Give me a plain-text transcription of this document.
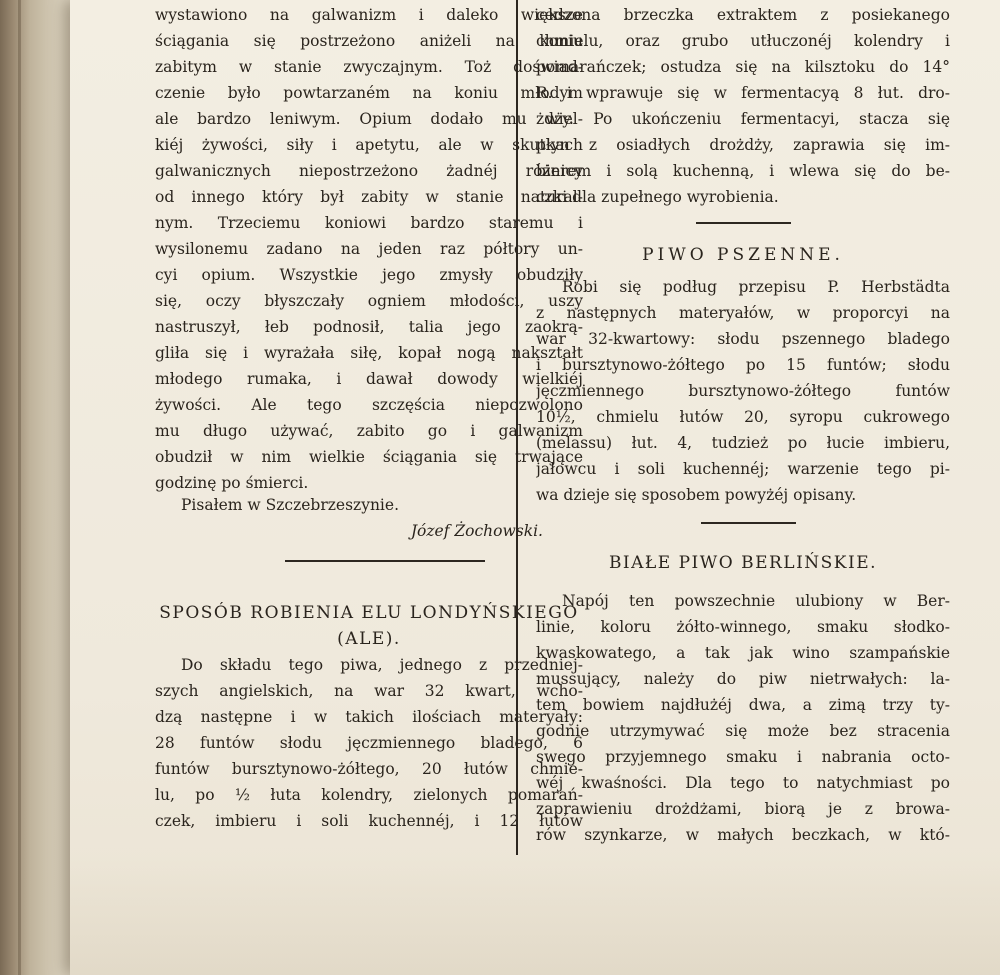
wystawiono na galwanizm i daleko większe
ściągania się postrzeżono aniżeli na koniu
zabitym w stanie zwyczajnym. Toż doświad-
czenie było powtarzaném na koniu młodym
ale bardzo leniwym. Opium dodało mu wiel-
kiéj żywości, siły i apetytu, ale w skutkach
galwanicznych niepostrzeżono żadnéj różnicy
od innego który był zabity w stanie natural-
nym. Trzeciemu koniowi bardzo staremu i
wysilonemu zadano na jeden raz półtory un-
cyi opium. Wszystkie jego zmysły obudziły
się, oczy błyszczały ogniem młodości, uszy
nastruszył, łeb podnosił, talia jego zaokrą-
gliła się i wyrażała siłę, kopał nogą nakształt
młodego rumaka, i dawał dowody wielkiéj
żywości. Ale tego szczęścia niepozwolono
mu długo używać, zabito go i galwanizm
obudził w nim wielkie ściągania się trwające
godzinę po śmierci.
Pisałem w Szczebrzeszynie.
Józef Żochowski.
SPOSÓB ROBIENIA ELU LONDYŃSKIEGO
(ALE).
Do składu tego piwa, jednego z przedniej-
szych angielskich, na war 32 kwart, wcho-
dzą następne i w takich ilościach materyały:
28 funtów słodu jęczmiennego bladego, 6
funtów bursztynowo-żółtego, 20 łutów chmie-
lu, po ½ łuta kolendry, zielonych pomarań-
czek, imbieru i soli kuchennéj, i 12 łutów
cedzona brzeczka extraktem z posiekanego
chmielu, oraz grubo utłuczonéj kolendry i
pomarańczek; ostudza się na kilsztoku do 14°
R. i wprawuje się w fermentacyą 8 łut. dro-
żdży. Po ukończeniu fermentacyi, stacza się
płyn z osiadłych drożdży, zaprawia się im-
bierem i solą kuchenną, i wlewa się do be-
czki dla zupełnego wyrobienia.
PIWO PSZENNE.
Robi się podług przepisu P. Herbstädta
z następnych materyałów, w proporcyi na
war 32-kwartowy: słodu pszennego bladego
i bursztynowo-żółtego po 15 funtów; słodu
jęczmiennego bursztynowo-żółtego funtów
10½, chmielu łutów 20, syropu cukrowego
(melassu) łut. 4, tudzież po łucie imbieru,
jałowcu i soli kuchennéj; warzenie tego pi-
wa dzieje się sposobem powyżéj opisany.
BIAŁE PIWO BERLIŃSKIE.
Napój ten powszechnie ulubiony w Ber-
linie, koloru żółto-winnego, smaku słodko-
kwaskowatego, a tak jak wino szampańskie
mussujący, należy do piw nietrwałych: la-
tem bowiem najdłużéj dwa, a zimą trzy ty-
godnie utrzymywać się może bez stracenia
swego przyjemnego smaku i nabrania octo-
wéj kwaśności. Dla tego to natychmiast po
zaprawieniu drożdżami, biorą je z browa-
rów szynkarze, w małych beczkach, w któ-
